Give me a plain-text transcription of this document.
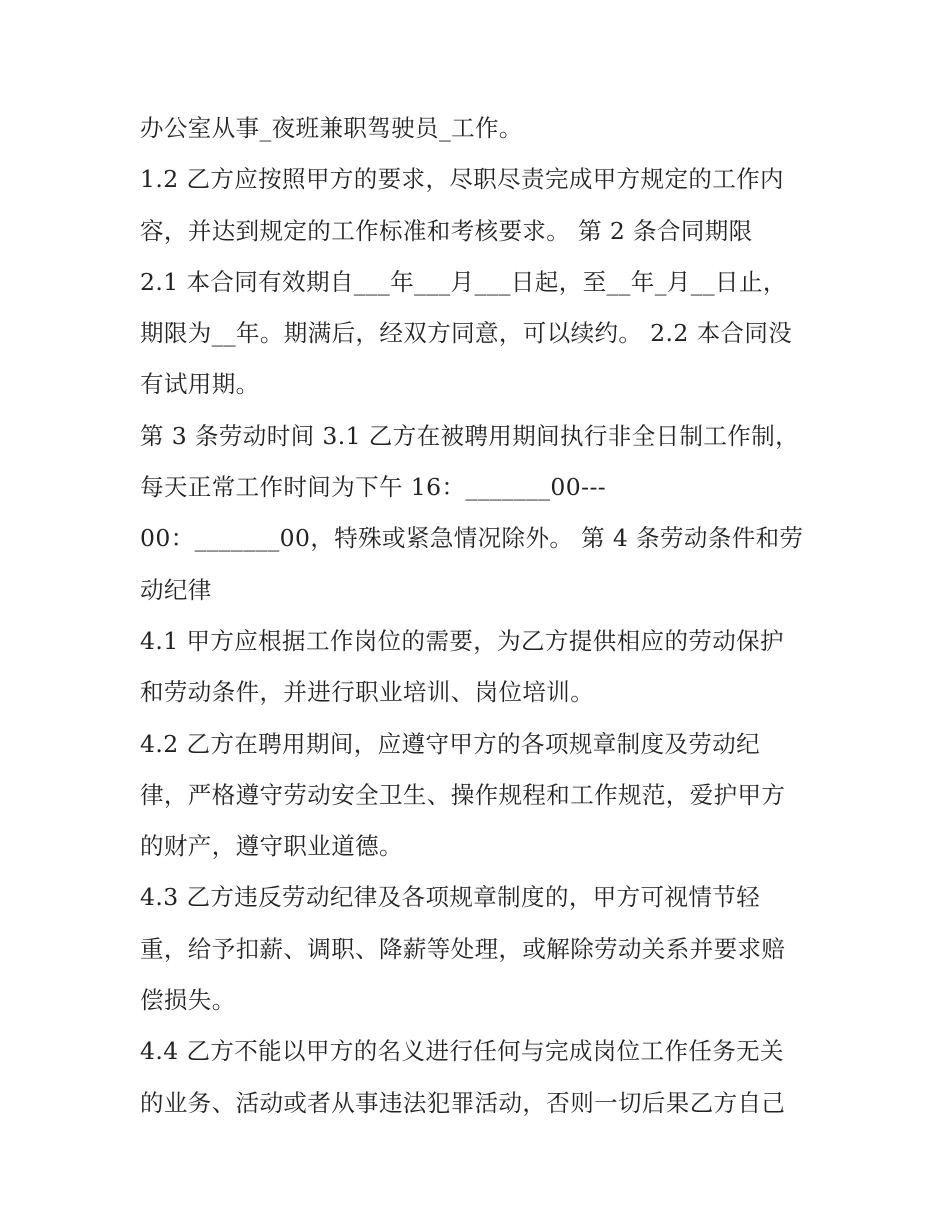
办公室从事_夜班兼职驾驶员_工作。
1.2 乙方应按照甲方的要求，尽职尽责完成甲方规定的工作内
容，并达到规定的工作标准和考核要求。 第 2 条合同期限
2.1 本合同有效期自___年___月___日起，至__年_月__日止，
期限为__年。期满后，经双方同意，可以续约。 2.2 本合同没
有试用期。
第 3 条劳动时间 3.1 乙方在被聘用期间执行非全日制工作制，
每天正常工作时间为下午 16：_______00---
00：_______00，特殊或紧急情况除外。 第 4 条劳动条件和劳
动纪律
4.1 甲方应根据工作岗位的需要，为乙方提供相应的劳动保护
和劳动条件，并进行职业培训、岗位培训。
4.2 乙方在聘用期间，应遵守甲方的各项规章制度及劳动纪
律，严格遵守劳动安全卫生、操作规程和工作规范，爱护甲方
的财产，遵守职业道德。
4.3 乙方违反劳动纪律及各项规章制度的，甲方可视情节轻
重，给予扣薪、调职、降薪等处理，或解除劳动关系并要求赔
偿损失。
4.4 乙方不能以甲方的名义进行任何与完成岗位工作任务无关
的业务、活动或者从事违法犯罪活动，否则一切后果乙方自己
